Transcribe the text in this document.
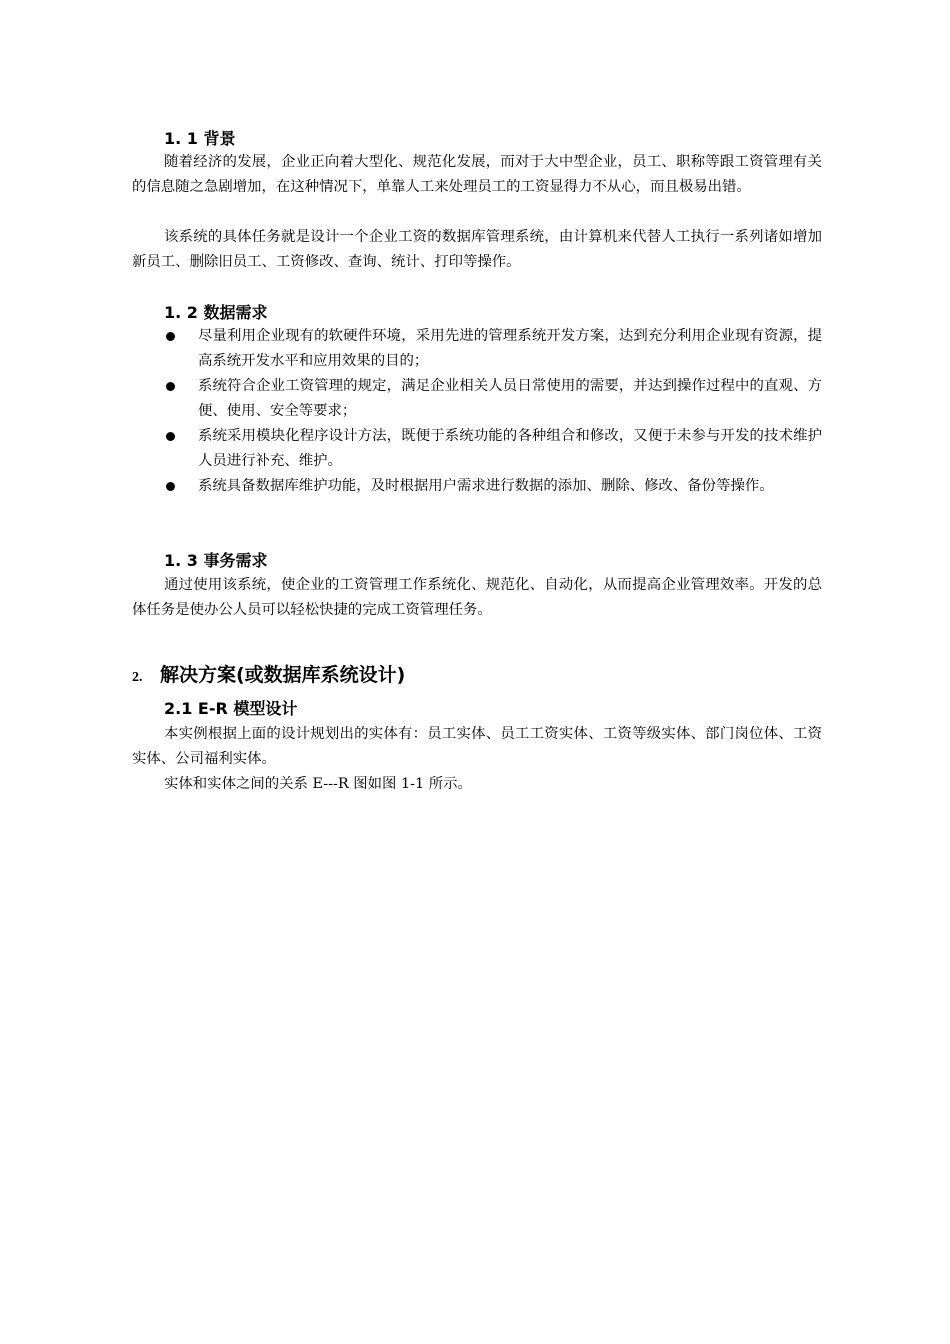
1. 1 背景

随着经济的发展，企业正向着大型化、规范化发展，而对于大中型企业，员工、职称等跟工资管理有关的信息随之急剧增加，在这种情况下，单靠人工来处理员工的工资显得力不从心，而且极易出错。

该系统的具体任务就是设计一个企业工资的数据库管理系统，由计算机来代替人工执行一系列诸如增加新员工、删除旧员工、工资修改、查询、统计、打印等操作。

1. 2 数据需求
尽量利用企业现有的软硬件环境，采用先进的管理系统开发方案，达到充分利用企业现有资源，提高系统开发水平和应用效果的目的；
系统符合企业工资管理的规定，满足企业相关人员日常使用的需要，并达到操作过程中的直观、方便、使用、安全等要求；
系统采用模块化程序设计方法，既便于系统功能的各种组合和修改，又便于未参与开发的技术维护人员进行补充、维护。
系统具备数据库维护功能，及时根据用户需求进行数据的添加、删除、修改、备份等操作。
1. 3 事务需求

通过使用该系统，使企业的工资管理工作系统化、规范化、自动化，从而提高企业管理效率。开发的总体任务是使办公人员可以轻松快捷的完成工资管理任务。

2. 解决方案(或数据库系统设计)
2.1 E-R 模型设计

本实例根据上面的设计规划出的实体有：员工实体、员工工资实体、工资等级实体、部门岗位体、工资实体、公司福利实体。

实体和实体之间的关系 E---R 图如图 1-1 所示。
